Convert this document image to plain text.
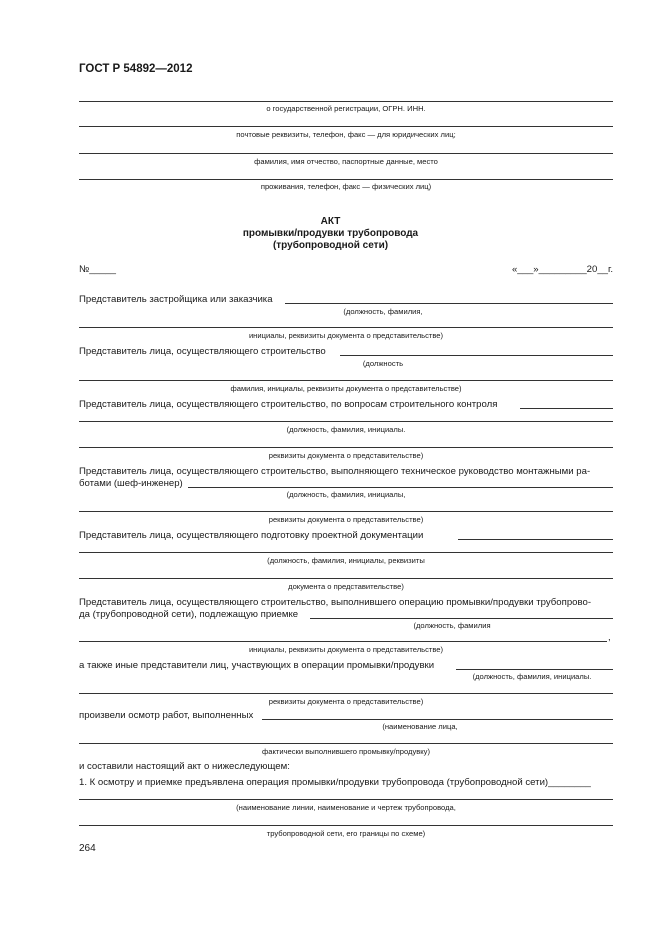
ГОСТ Р 54892—2012
о государственной регистрации, ОГРН. ИНН.
почтовые реквизиты, телефон, факс — для юридических лиц;
фамилия, имя отчество, паспортные данные, место
проживания, телефон, факс — физических лиц)
АКТ
промывки/продувки трубопровода
(трубопроводной сети)
№_____	«___»_________20__г.
Представитель застройщика или заказчика
(должность, фамилия,
инициалы, реквизиты документа о представительстве)
Представитель лица, осуществляющего строительство
(должность
фамилия, инициалы, реквизиты документа о представительстве)
Представитель лица, осуществляющего строительство, по вопросам строительного контроля
(должность, фамилия, инициалы.
реквизиты документа о представительстве)
Представитель лица, осуществляющего строительство, выполняющего техническое руководство монтажными ра-
ботами (шеф-инженер)
(должность, фамилия, инициалы,
реквизиты документа о представительстве)
Представитель лица, осуществляющего подготовку проектной документации
(должность, фамилия, инициалы, реквизиты
документа о представительстве)
Представитель лица, осуществляющего строительство, выполнившего операцию промывки/продувки трубопрово-
да (трубопроводной сети), подлежащую приемке
(должность, фамилия
,
инициалы, реквизиты документа о представительстве)
а также иные представители лиц, участвующих в операции промывки/продувки
(должность, фамилия, инициалы.
реквизиты документа о представительстве)
произвели осмотр работ, выполненных
(наименование лица,
фактически выполнившего промывку/продувку)
и составили настоящий акт о нижеследующем:
1. К осмотру и приемке предъявлена операция промывки/продувки трубопровода (трубопроводной сети)________
(наименование линии, наименование и чертеж трубопровода,
трубопроводной сети, его границы по схеме)
264
